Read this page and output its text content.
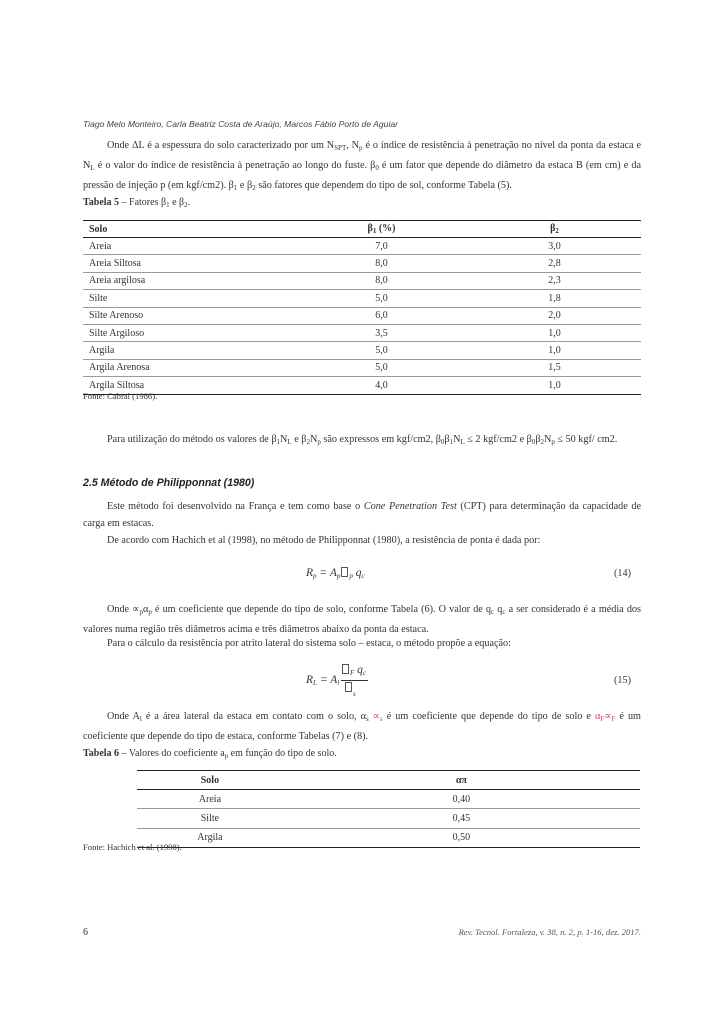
Tiago Melo Monteiro, Carla Beatriz Costa de Araújo, Marcos Fábio Porto de Aguiar
Onde ΔL é a espessura do solo caracterizado por um $N_{SPT}$, $N_p$ é o índice de resistência à penetração no nível da ponta da estaca e $N_L$ é o valor do índice de resistência à penetração ao longo do fuste. $\beta_0$ é um fator que depende do diâmetro da estaca B (em cm) e da pressão de injeção p (em kgf/cm2). $\beta_1$ e $\beta_2$ são fatores que dependem do tipo de sol, conforme Tabela (5).
Tabela 5 – Fatores $\beta_1$ e $\beta_2$.
Solo	$\beta_1$ (%)	$\beta_2$
Areia	7,0	3,0
Areia Siltosa	8,0	2,8
Areia argilosa	8,0	2,3
Silte	5,0	1,8
Silte Arenoso	6,0	2,0
Silte Argiloso	3,5	1,0
Argila	5,0	1,0
Argila Arenosa	5,0	1,5
Argila Siltosa	4,0	1,0
Fonte: Cabral (1986).
Para utilização do método os valores de $\beta_1N_L$ e $\beta_2N_p$ são expressos em kgf/cm2, $\beta_0\beta_1N_L \le 2$ kgf/cm2 e $\beta_0\beta_2N_p \le 50$ kgf/ cm2.
2.5 Método de Philipponnat (1980)
Este método foi desenvolvido na França e tem como base o Cone Penetration Test (CPT) para determinação da capacidade de carga em estacas.
De acordo com Hachich et al (1998), no método de Philipponnat (1980), a resistência de ponta é dada por:
$R_p = A_p$ $_p$ $q_c$	(14)
Onde $\propto_p\alpha_p$ é um coeficiente que depende do tipo de solo, conforme Tabela (6). O valor de $q_c$ $q_c$ a ser considerado é a média dos valores numa região três diâmetros acima e três diâmetros abaixo da ponta da estaca.
Para o cálculo da resistência por atrito lateral do sistema solo – estaca, o método propõe a equação:
$R_L = A_l$
$_F$ $q_c$
$_s$
(15)
Onde $A_l$ é a área lateral da estaca em contato com o solo, $\alpha_s \propto_s$ é um coeficiente que depende do tipo de solo e $\alpha_F\propto_F$ é um coeficiente que depende do tipo de estaca, conforme Tabelas (7) e (8).
Tabela 6 – Valores do coeficiente $a_p$ em função do tipo de solo.
Solo	απ
Areia	0,40
Silte	0,45
Argila	0,50
Fonte: Hachich et al. (1998).
6	Rev. Tecnol. Fortaleza, v. 38, n. 2, p. 1-16, dez. 2017.
